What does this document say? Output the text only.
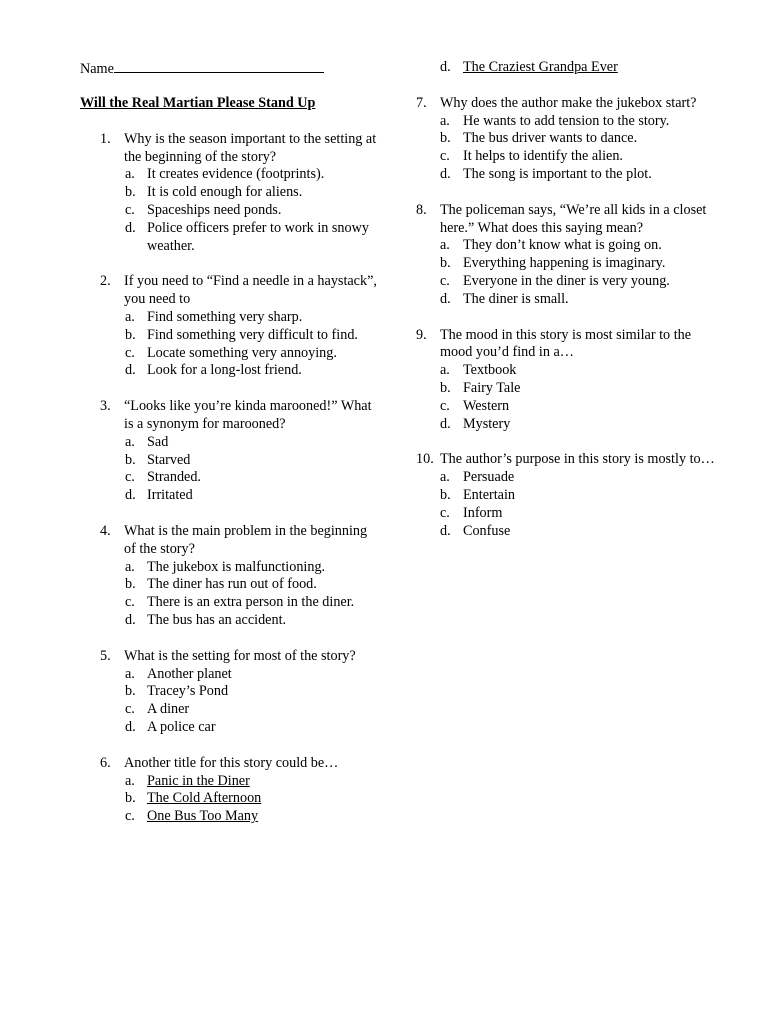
Name
Will the Real Martian Please Stand Up
1. Why is the season important to the setting at the beginning of the story?
a. It creates evidence (footprints).
b. It is cold enough for aliens.
c. Spaceships need ponds.
d. Police officers prefer to work in snowy weather.
2. If you need to “Find a needle in a haystack”, you need to
a. Find something very sharp.
b. Find something very difficult to find.
c. Locate something very annoying.
d. Look for a long-lost friend.
3. “Looks like you’re kinda marooned!” What is a synonym for marooned?
a. Sad
b. Starved
c. Stranded.
d. Irritated
4. What is the main problem in the beginning of the story?
a. The jukebox is malfunctioning.
b. The diner has run out of food.
c. There is an extra person in the diner.
d. The bus has an accident.
5. What is the setting for most of the story?
a. Another planet
b. Tracey’s Pond
c. A diner
d. A police car
6. Another title for this story could be…
a. Panic in the Diner
b. The Cold Afternoon
c. One Bus Too Many
d. The Craziest Grandpa Ever
7. Why does the author make the jukebox start?
a. He wants to add tension to the story.
b. The bus driver wants to dance.
c. It helps to identify the alien.
d. The song is important to the plot.
8. The policeman says, “We’re all kids in a closet here.” What does this saying mean?
a. They don’t know what is going on.
b. Everything happening is imaginary.
c. Everyone in the diner is very young.
d. The diner is small.
9. The mood in this story is most similar to the mood you’d find in a…
a. Textbook
b. Fairy Tale
c. Western
d. Mystery
10. The author’s purpose in this story is mostly to…
a. Persuade
b. Entertain
c. Inform
d. Confuse
